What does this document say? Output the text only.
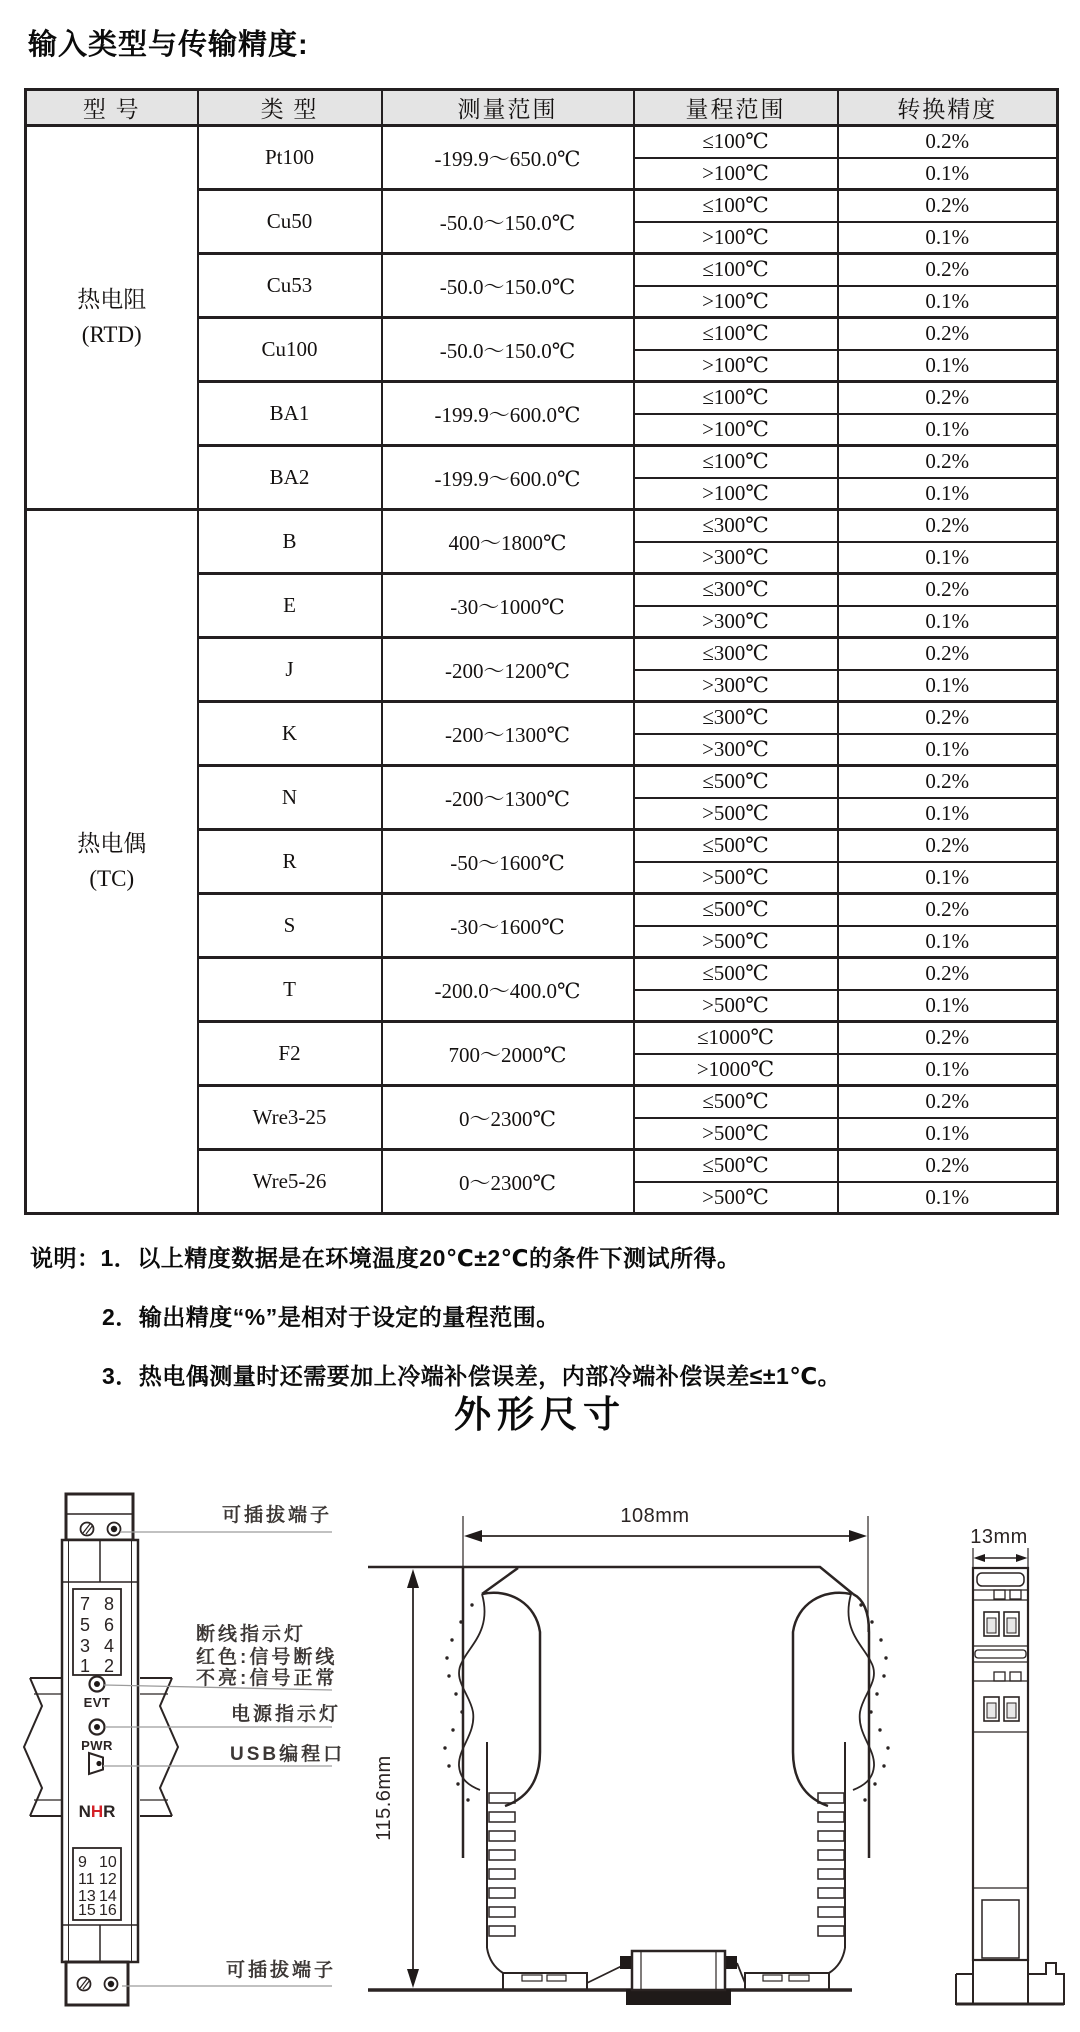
输入类型与传输精度:
型 号	类 型	测量范围	量程范围	转换精度

热电阻
(RTD)	Pt100	-199.9～650.0℃	≤100℃	0.2%
			>100℃	0.1%
	Cu50	-50.0～150.0℃	≤100℃	0.2%
			>100℃	0.1%
	Cu53	-50.0～150.0℃	≤100℃	0.2%
			>100℃	0.1%
	Cu100	-50.0～150.0℃	≤100℃	0.2%
			>100℃	0.1%
	BA1	-199.9～600.0℃	≤100℃	0.2%
			>100℃	0.1%
	BA2	-199.9～600.0℃	≤100℃	0.2%
			>100℃	0.1%

热电偶
(TC)	B	400～1800℃	≤300℃	0.2%
			>300℃	0.1%
	E	-30～1000℃	≤300℃	0.2%
			>300℃	0.1%
	J	-200～1200℃	≤300℃	0.2%
			>300℃	0.1%
	K	-200～1300℃	≤300℃	0.2%
			>300℃	0.1%
	N	-200～1300℃	≤500℃	0.2%
			>500℃	0.1%
	R	-50～1600℃	≤500℃	0.2%
			>500℃	0.1%
	S	-30～1600℃	≤500℃	0.2%
			>500℃	0.1%
	T	-200.0～400.0℃	≤500℃	0.2%
			>500℃	0.1%
	F2	700～2000℃	≤1000℃	0.2%
			>1000℃	0.1%
	Wre3-25	0～2300℃	≤500℃	0.2%
			>500℃	0.1%
	Wre5-26	0～2300℃	≤500℃	0.2%
			>500℃	0.1%
说明：1．以上精度数据是在环境温度20℃±2℃的条件下测试所得。
2．输出精度“%”是相对于设定的量程范围。
3．热电偶测量时还需要加上冷端补偿误差，内部冷端补偿误差≤±1℃。
外形尺寸
7 8
5 6
3 4
1 2
EVT
PWR
NHR
9 10
11 12
13 14
15 16
可插拔端子
断线指示灯
红色:信号断线
不亮:信号正常
电源指示灯
USB编程口
可插拔端子
108mm
115.6mm
13mm
